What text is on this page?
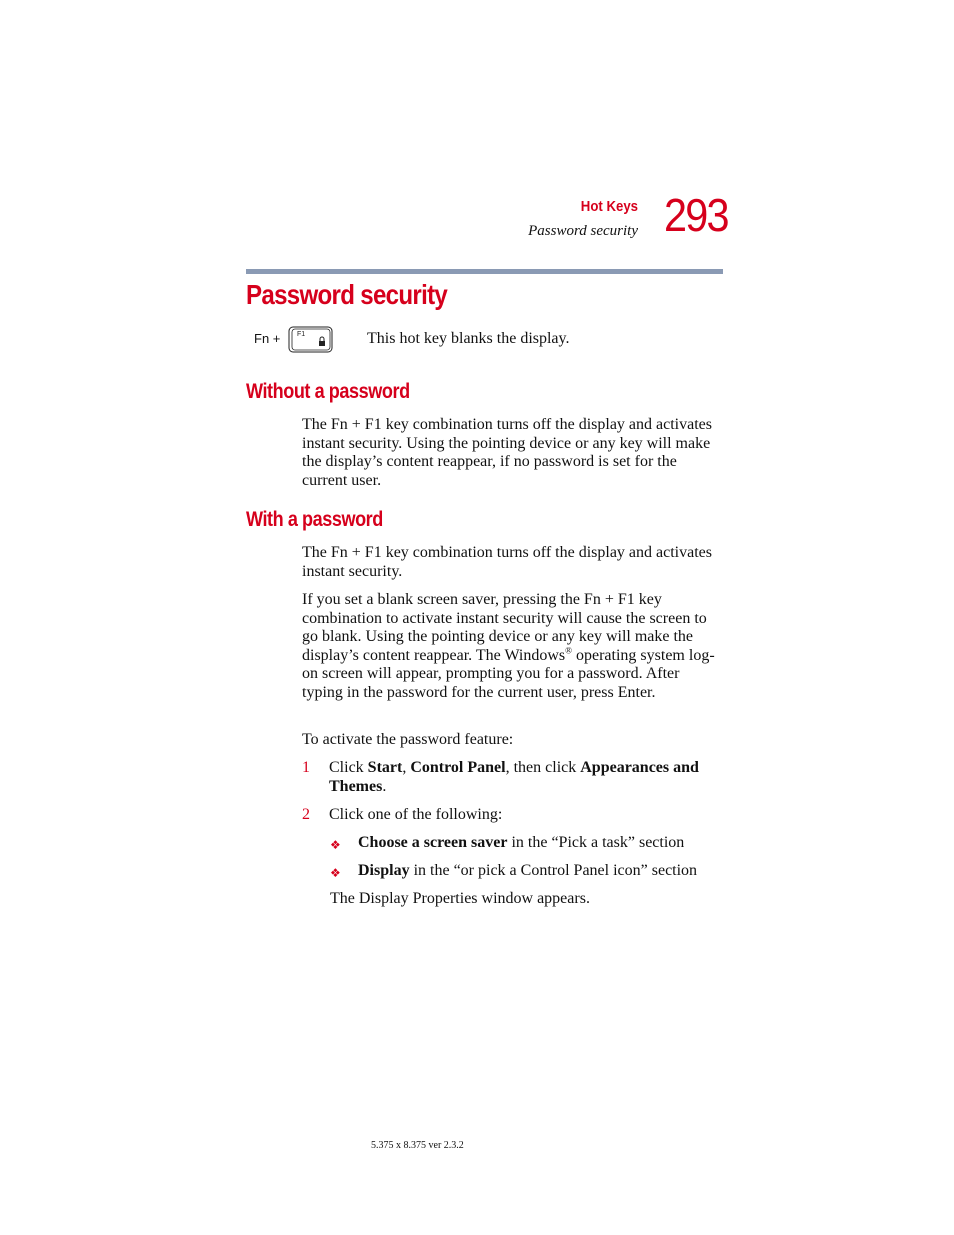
Hot Keys
Password security 293
Password security
Fn + F1	This hot key blanks the display.
Without a password

The Fn + F1 key combination turns off the display and activates instant security. Using the pointing device or any key will make the display’s content reappear, if no password is set for the current user.

With a password

The Fn + F1 key combination turns off the display and activates instant security.

If you set a blank screen saver, pressing the Fn + F1 key combination to activate instant security will cause the screen to go blank. Using the pointing device or any key will make the display’s content reappear. The Windows® operating system log-on screen will appear, prompting you for a password. After typing in the password for the current user, press Enter.

To activate the password feature:

1 Click Start, Control Panel, then click Appearances and Themes.
2 Click one of the following:
❖ Choose a screen saver in the “Pick a task” section
❖ Display in the “or pick a Control Panel icon” section
The Display Properties window appears.
5.375 x 8.375 ver 2.3.2
